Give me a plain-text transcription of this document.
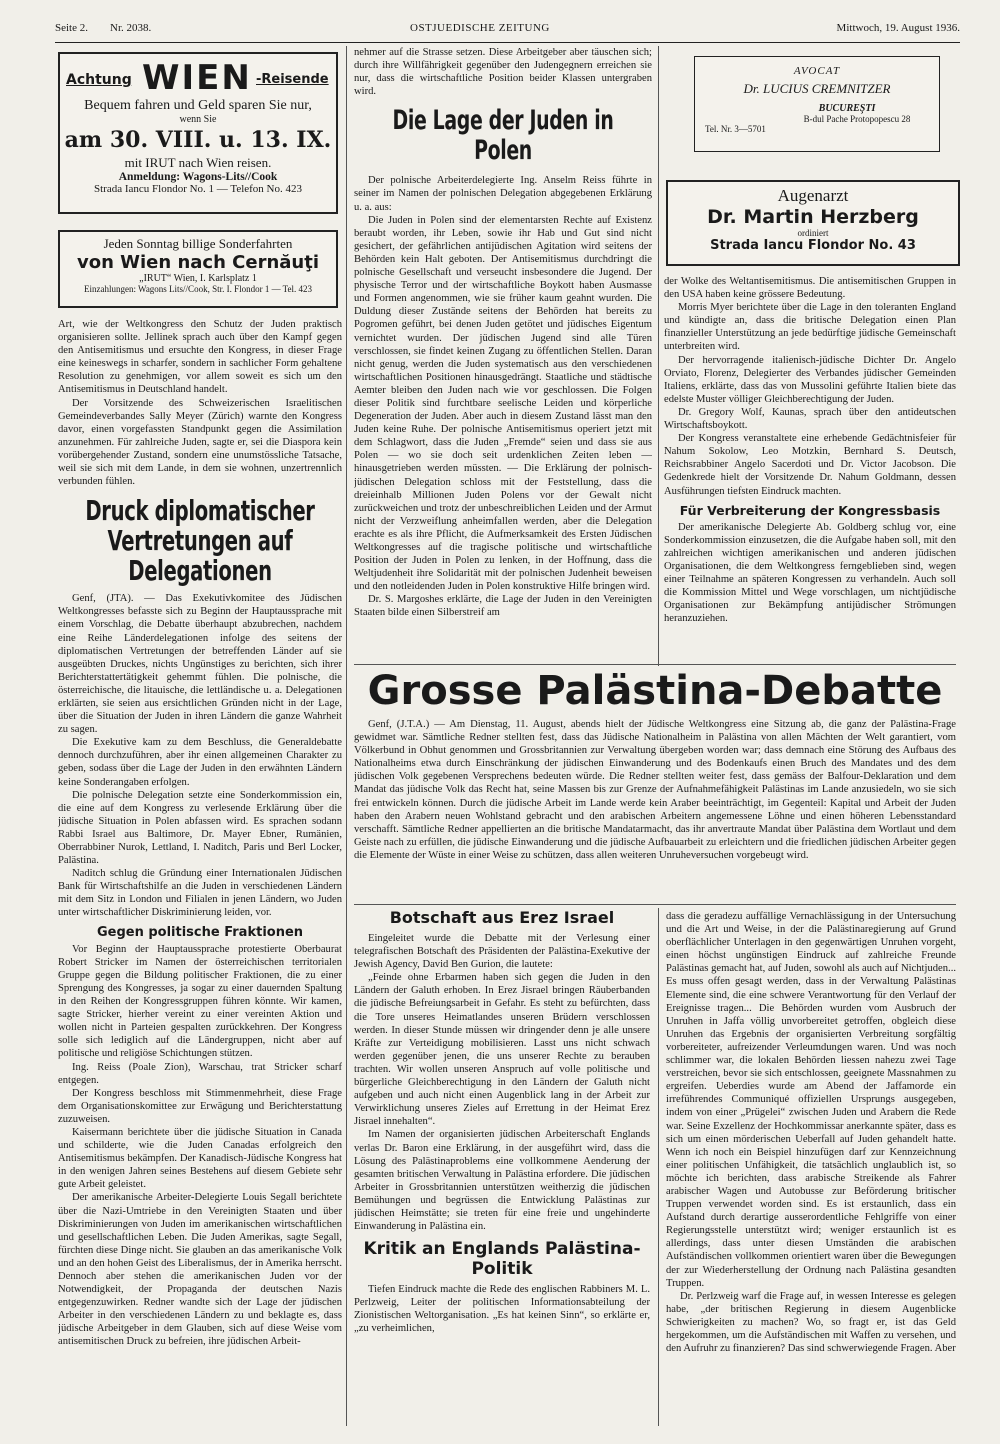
Seite 2. Nr. 2038.	OSTJUEDISCHE ZEITUNG	Mittwoch, 19. August 1936.
Achtung WIEN -Reisende
Bequem fahren und Geld sparen Sie nur,
wenn Sie
am 30. VIII. u. 13. IX.
mit IRUT nach Wien reisen.
Anmeldung: Wagons-Lits//Cook
Strada Iancu Flondor No. 1 — Telefon No. 423
Jeden Sonntag billige Sonderfahrten
von Wien nach Cernăuţi
„IRUT“ Wien, I. Karlsplatz 1
Einzahlungen: Wagons Lits//Cook, Str. I. Flondor 1 — Tel. 423

Art, wie der Weltkongress den Schutz der Juden praktisch organisieren sollte. Jellinek sprach auch über den Kampf gegen den Antisemitismus und ersuchte den Kongress, in dieser Frage eine keineswegs in scharfer, sondern in sachlicher Form gehaltene Resolution zu genehmigen, vor allem soweit es sich um den Antisemitismus in Deutschland handelt.

Der Vorsitzende des Schweizerischen Israelitischen Gemeindeverbandes Sally Meyer (Zürich) warnte den Kongress davor, einen vorgefassten Standpunkt gegen die Assimilation anzunehmen. Für zahlreiche Juden, sagte er, sei die Diaspora kein vorübergehender Zustand, sondern eine unumstössliche Tatsache, weil sie sich mit dem Lande, in dem sie wohnen, unzertrennlich verbunden fühlen.

Druck diplomatischer Vertretungen auf Delegationen

Genf, (JTA). — Das Exekutivkomitee des Jüdischen Weltkongresses befasste sich zu Beginn der Hauptaussprache mit einem Vorschlag, die Debatte überhaupt abzubrechen, nachdem eine Reihe Länderdelegationen infolge des seitens der diplomatischen Vertretungen der betreffenden Länder auf sie ausgeübten Druckes, nichts Ungünstiges zu berichten, sich ihrer Berichterstattertätigkeit gehemmt fühlen. Die polnische, die österreichische, die litauische, die lettländische u. a. Delegationen erklärten, sie seien aus ersichtlichen Gründen nicht in der Lage, über die Situation der Juden in ihren Ländern die ganze Wahrheit zu sagen.

Die Exekutive kam zu dem Beschluss, die Generaldebatte dennoch durchzuführen, aber ihr einen allgemeinen Charakter zu geben, sodass über die Lage der Juden in den erwähnten Ländern keine Sonderangaben erfolgen.

Die polnische Delegation setzte eine Sonderkommission ein, die eine auf dem Kongress zu verlesende Erklärung über die jüdische Situation in Polen abfassen wird. Es sprachen sodann Rabbi Israel aus Baltimore, Dr. Mayer Ebner, Rumänien, Oberrabbiner Nurok, Lettland, I. Naditch, Paris und Berl Locker, Palästina.

Naditch schlug die Gründung einer Internationalen Jüdischen Bank für Wirtschaftshilfe an die Juden in verschiedenen Ländern mit dem Sitz in London und Filialen in jenen Ländern, wo Juden unter wirtschaftlicher Diskriminierung leiden, vor.

Gegen politische Fraktionen

Vor Beginn der Hauptaussprache protestierte Oberbaurat Robert Stricker im Namen der österreichischen territorialen Gruppe gegen die Bildung politischer Fraktionen, die zu einer Sprengung des Kongresses, ja sogar zu einer dauernden Spaltung in den Reihen der Kongressgruppen führen könnte. Wir kamen, sagte Stricker, hierher vereint zu einer vereinten Aktion und wollen nicht in Parteien gespalten zurückkehren. Der Kongress solle sich lediglich auf die Ländergruppen, nicht aber auf politische und religiöse Schichtungen stützen.

Ing. Reiss (Poale Zion), Warschau, trat Stricker scharf entgegen.

Der Kongress beschloss mit Stimmenmehrheit, diese Frage dem Organisationskomittee zur Erwägung und Berichterstattung zuzuweisen.

Kaisermann berichtete über die jüdische Situation in Canada und schilderte, wie die Juden Canadas erfolgreich den Antisemitismus bekämpfen. Der Kanadisch-Jüdische Kongress hat in den wenigen Jahren seines Bestehens auf diesem Gebiete sehr gute Arbeit geleistet.

Der amerikanische Arbeiter-Delegierte Louis Segall berichtete über die Nazi-Umtriebe in den Vereinigten Staaten und über Diskriminierungen von Juden im amerikanischen wirtschaftlichen und gesellschaftlichen Leben. Die Juden Amerikas, sagte Segall, fürchten diese Dinge nicht. Sie glauben an das amerikanische Volk und an den hohen Geist des Liberalismus, der in Amerika herrscht. Dennoch aber stehen die amerikanischen Juden vor der Notwendigkeit, der Propaganda der deutschen Nazis entgegenzuwirken. Redner wandte sich der Lage der jüdischen Arbeiter in den verschiedenen Ländern zu und beklagte es, dass jüdische Arbeitgeber in dem Glauben, sich auf diese Weise vom antisemitischen Druck zu befreien, ihre jüdischen Arbeit-

nehmer auf die Strasse setzen. Diese Arbeitgeber aber täuschen sich; durch ihre Willfährigkeit gegenüber den Judengegnern erreichen sie nur, dass die wirtschaftliche Position beider Klassen untergraben wird.

Die Lage der Juden in Polen

Der polnische Arbeiterdelegierte Ing. Anselm Reiss führte in seiner im Namen der polnischen Delegation abgegebenen Erklärung u. a. aus:

Die Juden in Polen sind der elementarsten Rechte auf Existenz beraubt worden, ihr Leben, sowie ihr Hab und Gut sind nicht gesichert, der gefährlichen antijüdischen Agitation wird seitens der Behörden kein Halt geboten. Der Antisemitismus durchdringt die polnische Gesellschaft und verseucht insbesondere die Jugend. Der physische Terror und der wirtschaftliche Boykott haben Ausmasse und Formen angenommen, wie sie früher kaum geahnt wurden. Die Duldung dieser Zustände seitens der Behörden hat bereits zu Pogromen geführt, bei denen Juden getötet und jüdisches Eigentum vernichtet wurden. Der jüdischen Jugend sind alle Türen verschlossen, sie findet keinen Zugang zu öffentlichen Stellen. Daran nicht genug, werden die Juden systematisch aus den verschiedenen wirtschaftlichen Positionen hinausgedrängt. Staatliche und städtische Aemter bleiben den Juden nach wie vor geschlossen. Die Folgen dieser Politik sind furchtbare seelische Leiden und körperliche Degeneration der Juden. Aber auch in diesem Zustand lässt man den Juden keine Ruhe. Der polnische Antisemitismus operiert jetzt mit dem Schlagwort, dass die Juden „Fremde“ seien und dass sie aus Polen — wo sie doch seit urdenklichen Zeiten leben — hinausgetrieben werden müssten. — Die Erklärung der polnisch-jüdischen Delegation schloss mit der Feststellung, dass die dreieinhalb Millionen Juden Polens vor der Gewalt nicht zurückweichen und trotz der unbeschreiblichen Leiden und der Armut nicht der Verzweiflung anheimfallen werden, aber die Delegation erachte es als ihre Pflicht, die Aufmerksamkeit des Ersten Jüdischen Weltkongresses auf die tragische politische und wirtschaftliche Position der Juden in Polen zu lenken, in der Hoffnung, dass die Weltjudenheit ihre Solidarität mit der polnischen Judenheit beweisen und den notleidenden Juden in Polen konstruktive Hilfe bringen wird.

Dr. S. Margoshes erklärte, die Lage der Juden in den Vereinigten Staaten bilde einen Silberstreif am

AVOCAT
Dr. LUCIUS CREMNITZER
BUCUREŞTI
B-dul Pache Protopopescu 28
Tel. Nr. 3—5701
Augenarzt
Dr. Martin Herzberg
ordiniert
Strada Iancu Flondor No. 43

der Wolke des Weltantisemitismus. Die antisemitischen Gruppen in den USA haben keine grössere Bedeutung.

Morris Myer berichtete über die Lage in den toleranten England und kündigte an, dass die britische Delegation einen Plan finanzieller Unterstützung an jede bedürftige jüdische Gemeinschaft unterbreiten wird.

Der hervorragende italienisch-jüdische Dichter Dr. Angelo Orviato, Florenz, Delegierter des Verbandes jüdischer Gemeinden Italiens, erklärte, dass das von Mussolini geführte Italien biete das edelste Muster völliger Gleichberechtigung der Juden.

Dr. Gregory Wolf, Kaunas, sprach über den antideutschen Wirtschaftsboykott.

Der Kongress veranstaltete eine erhebende Gedächtnisfeier für Nahum Sokolow, Leo Motzkin, Bernhard S. Deutsch, Reichsrabbiner Angelo Sacerdoti und Dr. Victor Jacobson. Die Gedenkrede hielt der Vorsitzende Dr. Nahum Goldmann, dessen Ausführungen tiefsten Eindruck machten.

Für Verbreiterung der Kongressbasis

Der amerikanische Delegierte Ab. Goldberg schlug vor, eine Sonderkommission einzusetzen, die die Aufgabe haben soll, mit den zahlreichen wichtigen amerikanischen und anderen jüdischen Organisationen, die dem Weltkongress ferngeblieben sind, wegen einer Teilnahme an späteren Kongressen zu verhandeln. Auch soll die Kommission Mittel und Wege vorschlagen, um nichtjüdische Organisationen zur Bekämpfung antijüdischer Strömungen heranzuziehen.

Grosse Palästina-Debatte

Genf, (J.T.A.) — Am Dienstag, 11. August, abends hielt der Jüdische Weltkongress eine Sitzung ab, die ganz der Palästina-Frage gewidmet war. Sämtliche Redner stellten fest, dass das Jüdische Nationalheim in Palästina von allen Mächten der Welt garantiert, vom Völkerbund in Obhut genommen und Grossbritannien zur Verwaltung übergeben worden war; dass demnach eine Störung des Aufbaus des Nationalheims etwa durch Einschränkung der jüdischen Einwanderung und des Bodenkaufs einen Bruch des Mandates und des dem jüdischen Volk gegebenen Versprechens bedeuten würde. Die Redner stellten weiter fest, dass gemäss der Balfour-Deklaration und dem Mandat das jüdische Volk das Recht hat, seine Massen bis zur Grenze der Aufnahmefähigkeit Palästinas im Lande anzusiedeln, wo sie sich frei entwickeln können. Durch die jüdische Arbeit im Lande werde kein Araber beeinträchtigt, im Gegenteil: Kapital und Arbeit der Juden haben den Arabern neuen Wohlstand gebracht und den arabischen Arbeitern angemessene Löhne und einen höheren Lebensstandard verschafft. Sämtliche Redner appellierten an die britische Mandatarmacht, das ihr anvertraute Mandat über Palästina dem Wortlaut und dem Geiste nach zu erfüllen, die jüdische Einwanderung und die jüdische Aufbauarbeit zu erleichtern und die friedlichen jüdischen Arbeiter gegen die Elemente der Wüste in einer Weise zu schützen, dass allen weiteren Unruheversuchen vorgebeugt wird.

Botschaft aus Erez Israel

Eingeleitet wurde die Debatte mit der Verlesung einer telegrafischen Botschaft des Präsidenten der Palästina-Exekutive der Jewish Agency, David Ben Gurion, die lautete:

„Feinde ohne Erbarmen haben sich gegen die Juden in den Ländern der Galuth erhoben. In Erez Jisrael bringen Räuberbanden die jüdische Befreiungsarbeit in Gefahr. Es steht zu befürchten, dass die Tore unseres Heimatlandes unseren Brüdern verschlossen werden. In dieser Stunde müssen wir dringender denn je alle unsere Kräfte zur Verteidigung mobilisieren. Lasst uns nicht schwach werden gegenüber jenen, die uns unserer Rechte zu berauben trachten. Wir wollen unseren Anspruch auf volle politische und bürgerliche Gleichberechtigung in den Ländern der Galuth nicht aufgeben und auch nicht einen Augenblick lang in der Arbeit zur Verwirklichung unseres Zieles auf Errettung in der Heimat Erez Jisrael innehalten“.

Im Namen der organisierten jüdischen Arbeiterschaft Englands verlas Dr. Baron eine Erklärung, in der ausgeführt wird, dass die Lösung des Palästinaproblems eine vollkommene Aenderung der gesamten britischen Verwaltung in Palästina erfordere. Die jüdischen Arbeiter in Grossbritannien unterstützen weitherzig die jüdischen Bemühungen und begrüssen die Entwicklung Palästinas zur jüdischen Heimstätte; sie treten für eine freie und ungehinderte Einwanderung in Palästina ein.

Kritik an Englands Palästina-Politik

Tiefen Eindruck machte die Rede des englischen Rabbiners M. L. Perlzweig, Leiter der politischen Informationsabteilung der Zionistischen Weltorganisation. „Es hat keinen Sinn“, so erklärte er, „zu verheimlichen,

dass die geradezu auffällige Vernachlässigung in der Untersuchung und die Art und Weise, in der die Palästinaregierung auf Grund oberflächlicher Unterlagen in den gegenwärtigen Unruhen vorgeht, einen höchst ungünstigen Eindruck auf zahlreiche Freunde Palästinas gemacht hat, auf Juden, sowohl als auch auf Nichtjuden... Es muss offen gesagt werden, dass in der Verwaltung Palästinas Elemente sind, die eine schwere Verantwortung für den Verlauf der Ereignisse tragen... Die Behörden wurden vom Ausbruch der Unruhen in Jaffa völlig unvorbereitet getroffen, obgleich diese Unruhen das Ergebnis der organisierten Verbreitung sorgfältig vorbereiteter, aufreizender Verleumdungen waren. Und was noch schlimmer war, die lokalen Behörden liessen nahezu zwei Tage verstreichen, bevor sie sich entschlossen, geeignete Massnahmen zu ergreifen. Ueberdies wurde am Abend der Jaffamorde ein irreführendes Communiqué offiziellen Ursprungs ausgegeben, indem von einer „Prügelei“ zwischen Juden und Arabern die Rede war. Seine Exzellenz der Hochkommissar anerkannte später, dass es sich um einen mörderischen Ueberfall auf Juden gehandelt hatte. Wenn ich noch ein Beispiel hinzufügen darf zur Kennzeichnung einer politischen Unfähigkeit, die tatsächlich unglaublich ist, so möchte ich berichten, dass arabische Streikende als Fahrer arabischer Wagen und Autobusse zur Beförderung britischer Truppen verwendet worden sind. Es ist erstaunlich, dass ein Aufstand durch derartige ausserordentliche Fehlgriffe von einer Regierungsstelle unterstützt wird; weniger erstaunlich ist es allerdings, dass unter diesen Umständen die arabischen Aufständischen vollkommen orientiert waren über die Bewegungen der zur Wiederherstellung der Ordnung nach Palästina gesandten Truppen.

Dr. Perlzweig warf die Frage auf, in wessen Interesse es gelegen habe, „der britischen Regierung in diesem Augenblicke Schwierigkeiten zu machen? Wo, so fragt er, ist das Geld hergekommen, um die Aufständischen mit Waffen zu versehen, und den Aufruhr zu finanzieren? Das sind schwerwiegende Fragen. Aber
